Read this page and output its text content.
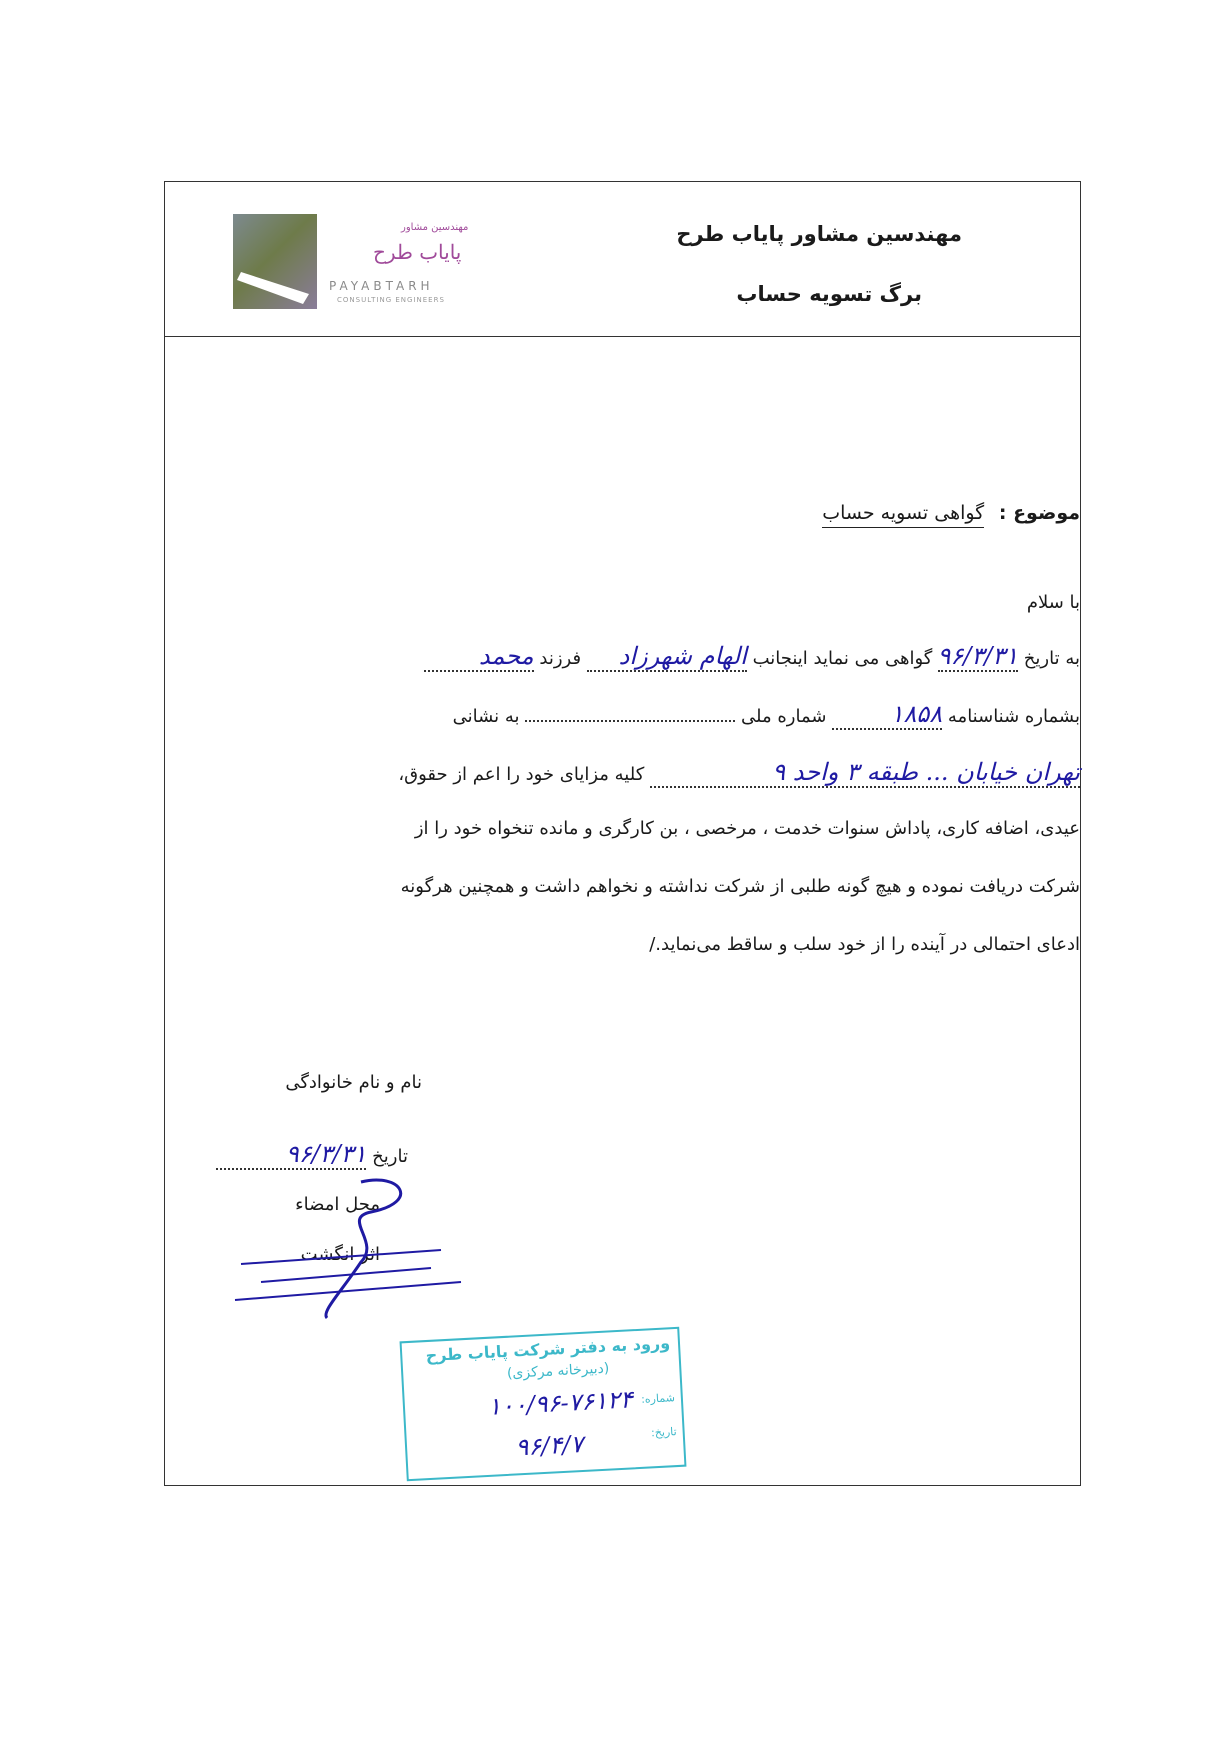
مهندسین مشاور پایاب طرح
برگ تسویه حساب
مهندسین مشاور
پایاب طرح
PAYABTARH
CONSULTING ENGINEERS
موضوع : گواهی تسویه حساب
با سلام
به تاریخ ۹۶/۳/۳۱ گواهی می نماید اینجانب الهام شهرزاد فرزند محمد
بشماره شناسنامه ۱۸۵۸ شماره ملی  به نشانی
تهران خیابان ... طبقه ۳ واحد ۹ کلیه مزایای خود را اعم از حقوق،
عیدی، اضافه کاری، پاداش سنوات خدمت ، مرخصی ، بن کارگری و مانده تنخواه خود را از
شرکت دریافت نموده و هیچ گونه طلبی از شرکت نداشته و نخواهم داشت و همچنین هرگونه
ادعای احتمالی در آینده را از خود سلب و ساقط می‌نماید./
نام و نام خانوادگی
تاریخ ۹۶/۳/۳۱
محل امضاء
اثر انگشت
ورود به دفتر شرکت پایاب طرح
(دبیرخانه مرکزی)
شماره:
۱۰۰/۹۶-۷۶۱۲۴
تاریخ:
۹۶/۴/۷
